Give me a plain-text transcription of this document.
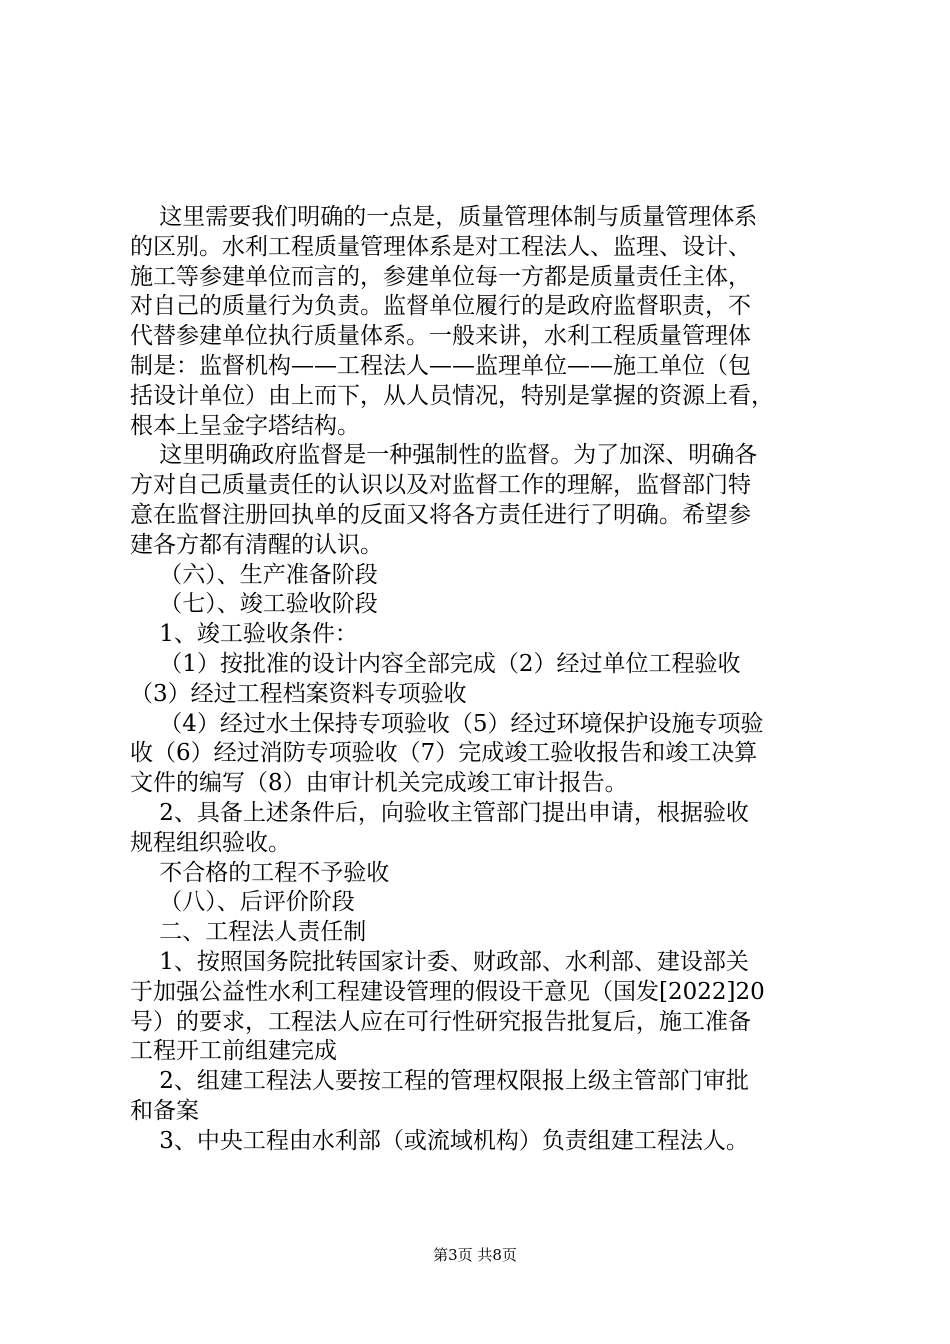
这里需要我们明确的一点是，质量管理体制与质量管理体系

的区别。水利工程质量管理体系是对工程法人、监理、设计、

施工等参建单位而言的，参建单位每一方都是质量责任主体，

对自己的质量行为负责。监督单位履行的是政府监督职责，不

代替参建单位执行质量体系。一般来讲，水利工程质量管理体

制是：监督机构——工程法人——监理单位——施工单位（包

括设计单位）由上而下，从人员情况，特别是掌握的资源上看，

根本上呈金字塔结构。

这里明确政府监督是一种强制性的监督。为了加深、明确各

方对自己质量责任的认识以及对监督工作的理解，监督部门特

意在监督注册回执单的反面又将各方责任进行了明确。希望参

建各方都有清醒的认识。

（六）、生产准备阶段

（七）、竣工验收阶段

1、竣工验收条件：

（1）按批准的设计内容全部完成（2）经过单位工程验收

（3）经过工程档案资料专项验收

（4）经过水土保持专项验收（5）经过环境保护设施专项验

收（6）经过消防专项验收（7）完成竣工验收报告和竣工决算

文件的编写（8）由审计机关完成竣工审计报告。

2、具备上述条件后，向验收主管部门提出申请，根据验收

规程组织验收。

不合格的工程不予验收

（八）、后评价阶段

二、工程法人责任制

1、按照国务院批转国家计委、财政部、水利部、建设部关

于加强公益性水利工程建设管理的假设干意见（国发[2022]20

号）的要求，工程法人应在可行性研究报告批复后，施工准备

工程开工前组建完成

2、组建工程法人要按工程的管理权限报上级主管部门审批

和备案

3、中央工程由水利部（或流域机构）负责组建工程法人。

第3页 共8页
